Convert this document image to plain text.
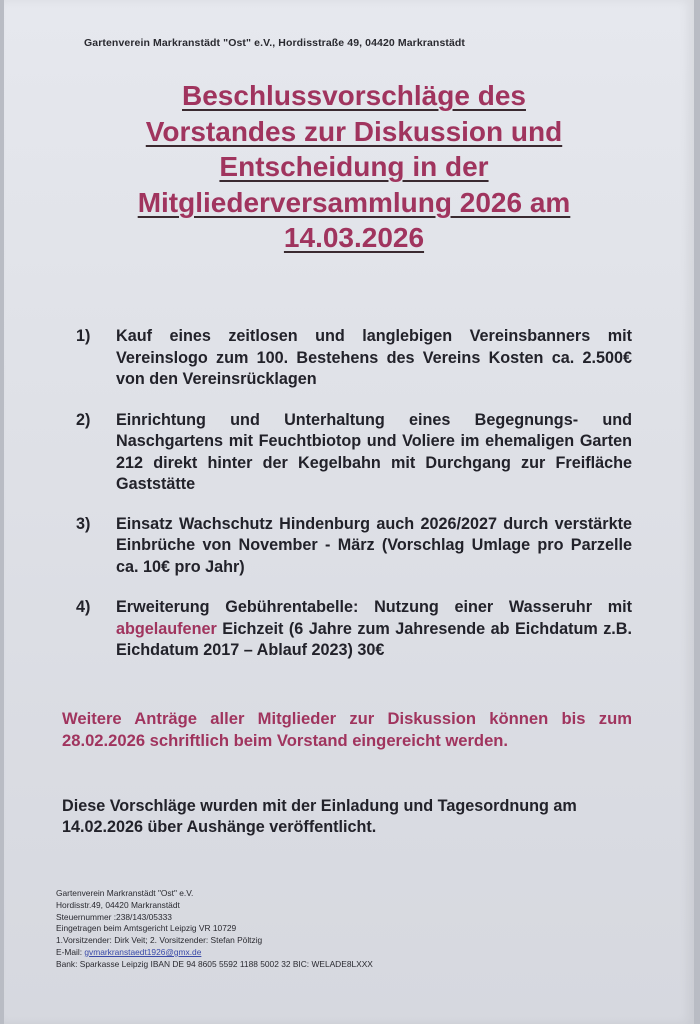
Gartenverein Markranstädt "Ost" e.V., Hordisstraße 49, 04420 Markranstädt
Beschlussvorschläge des
Vorstandes zur Diskussion und
Entscheidung in der
Mitgliederversammlung 2026 am
14.03.2026
1) Kauf eines zeitlosen und langlebigen Vereinsbanners mit Vereinslogo zum 100. Bestehens des Vereins Kosten ca. 2.500€ von den Vereinsrücklagen
2) Einrichtung und Unterhaltung eines Begegnungs- und Naschgartens mit Feuchtbiotop und Voliere im ehemaligen Garten 212 direkt hinter der Kegelbahn mit Durchgang zur Freifläche Gaststätte
3) Einsatz Wachschutz Hindenburg auch 2026/2027 durch verstärkte Einbrüche von November - März (Vorschlag Umlage pro Parzelle ca. 10€ pro Jahr)
4) Erweiterung Gebührentabelle: Nutzung einer Wasseruhr mit abgelaufener Eichzeit (6 Jahre zum Jahresende ab Eichdatum z.B. Eichdatum 2017 – Ablauf 2023) 30€
Weitere Anträge aller Mitglieder zur Diskussion können bis zum 28.02.2026 schriftlich beim Vorstand eingereicht werden.
Diese Vorschläge wurden mit der Einladung und Tagesordnung am 14.02.2026 über Aushänge veröffentlicht.
Gartenverein Markranstädt "Ost" e.V.
Hordisstr.49, 04420 Markranstädt
Steuernummer :238/143/05333
Eingetragen beim Amtsgericht Leipzig VR 10729
1.Vorsitzender: Dirk Veit; 2. Vorsitzender: Stefan Pöltzig
E-Mail: gvmarkranstaedt1926@gmx.de
Bank: Sparkasse Leipzig IBAN DE 94 8605 5592 1188 5002 32 BIC: WELADE8LXXX
